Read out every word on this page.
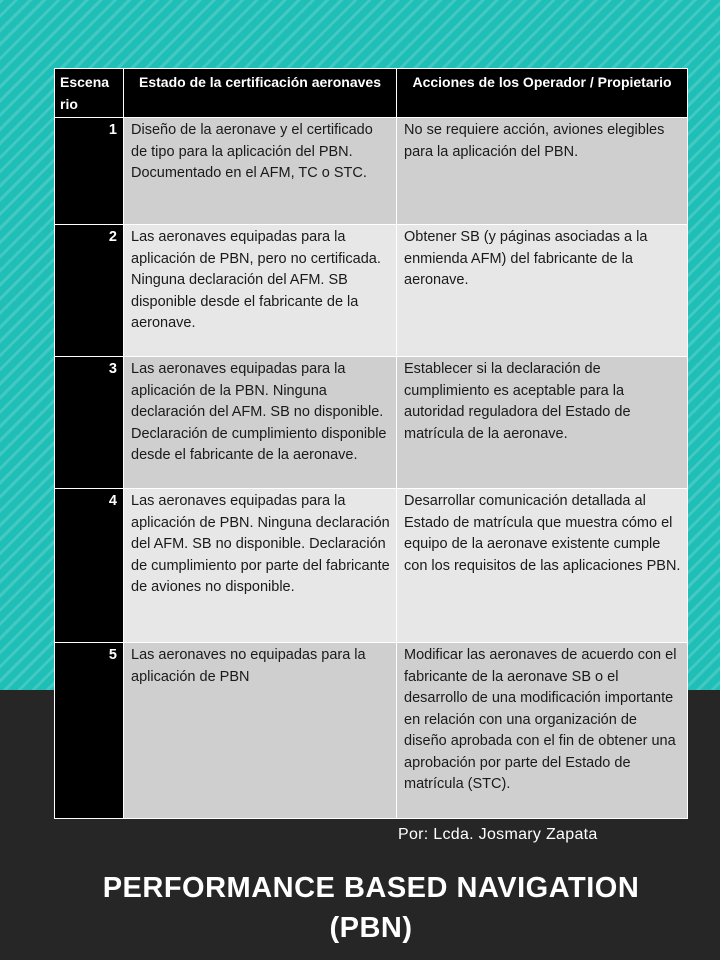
Escena rio	Estado de la certificación aeronaves	Acciones de los Operador / Propietario
1	Diseño de la aeronave y el certificado de tipo para la aplicación del PBN. Documentado en el AFM, TC o STC.	No se requiere acción, aviones elegibles para la aplicación del PBN.
2	Las aeronaves equipadas para la aplicación de PBN, pero no certificada. Ninguna declaración del AFM. SB disponible desde el fabricante de la aeronave.	Obtener SB (y páginas asociadas a la enmienda AFM) del fabricante de la aeronave.
3	Las aeronaves equipadas para la aplicación de la PBN. Ninguna declaración del AFM. SB no disponible. Declaración de cumplimiento disponible desde el fabricante de la aeronave.	Establecer si la declaración de cumplimiento es aceptable para la autoridad reguladora del Estado de matrícula de la aeronave.
4	Las aeronaves equipadas para la aplicación de PBN. Ninguna declaración del AFM. SB no disponible. Declaración de cumplimiento por parte del fabricante de aviones no disponible.	Desarrollar comunicación detallada al Estado de matrícula que muestra cómo el equipo de la aeronave existente cumple con los requisitos de las aplicaciones PBN.
5	Las aeronaves no equipadas para la aplicación de PBN	Modificar las aeronaves de acuerdo con el fabricante de la aeronave SB o el desarrollo de una modificación importante en relación con una organización de diseño aprobada con el fin de obtener una aprobación por parte del Estado de matrícula (STC).
Por: Lcda. Josmary Zapata
PERFORMANCE BASED NAVIGATION
(PBN)
